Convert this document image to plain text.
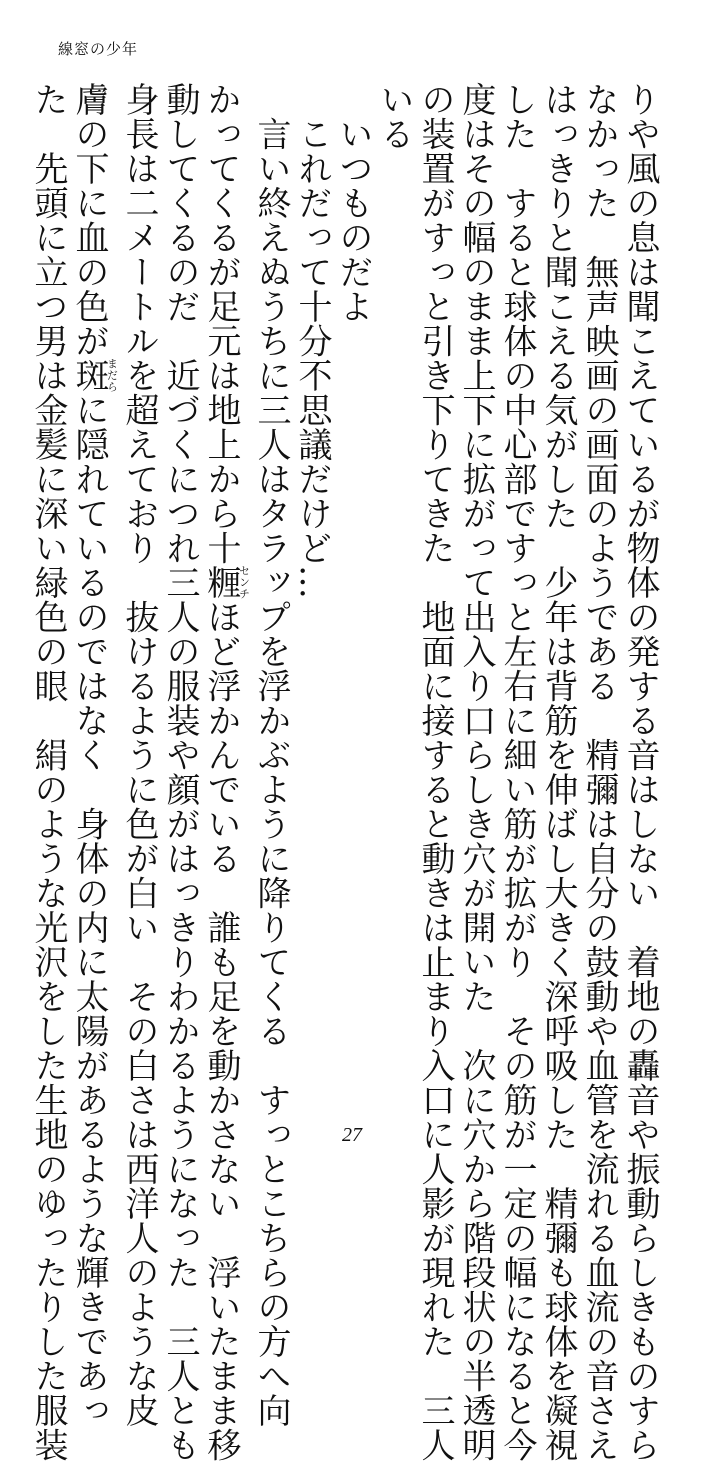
線窓の少年
りや風の息は聞こえているが物体の発する音はしない　着地の轟音や振動らしきものすら
なかった　無声映画の画面のようである　精彌は自分の鼓動や血管を流れる血流の音さえ
はっきりと聞こえる気がした　少年は背筋を伸ばし大きく深呼吸した　精彌も球体を凝視
した　すると球体の中心部ですっと左右に細い筋が拡がり　その筋が一定の幅になると今
度はその幅のまま上下に拡がって出入り口らしき穴が開いた　次に穴から階段状の半透明
の装置がすっと引き下りてきた　地面に接すると動きは止まり入口に人影が現れた　三人
いる
　いつものだよ
　これだって十分不思議だけど…
　言い終えぬうちに三人はタラップを浮かぶように降りてくる　すっとこちらの方へ向
かってくるが足元は地上から十糎センチほど浮かんでいる　誰も足を動かさない　浮いたまま移
動してくるのだ　近づくにつれ三人の服装や顔がはっきりわかるようになった　三人とも
身長は二メートルを超えており　抜けるように色が白い　その白さは西洋人のような皮
膚の下に血の色が斑まだらに隠れているのではなく　身体の内に太陽があるような輝きであっ
た　先頭に立つ男は金髪に深い緑色の眼　絹のような光沢をした生地のゆったりした服装	27
